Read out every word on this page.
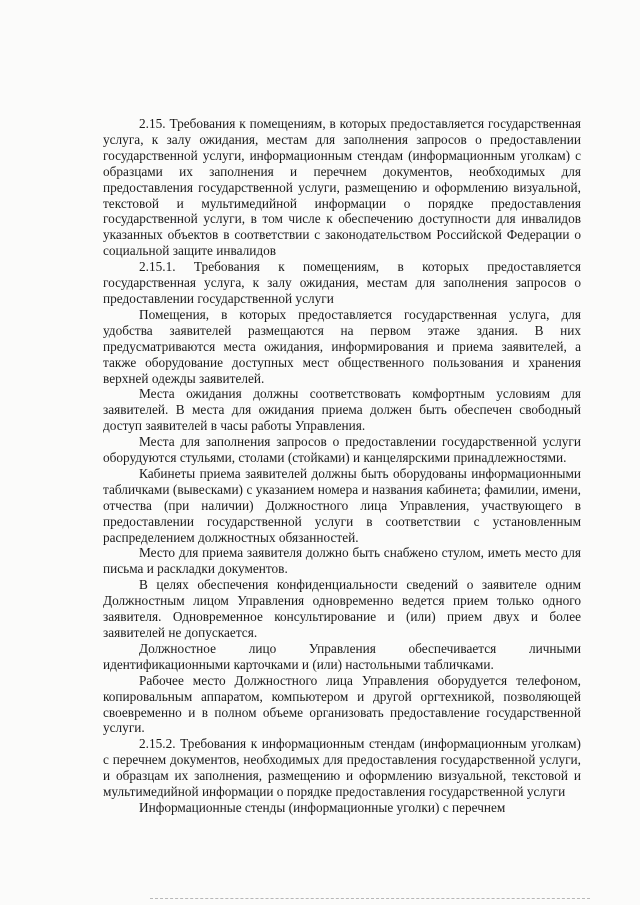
2.15. Требования к помещениям, в которых предоставляется государственная услуга, к залу ожидания, местам для заполнения запросов о предоставлении государственной услуги, информационным стендам (информационным уголкам) с образцами их заполнения и перечнем документов, необходимых для предоставления государственной услуги, размещению и оформлению визуальной, текстовой и мультимедийной информации о порядке предоставления государственной услуги, в том числе к обеспечению доступности для инвалидов указанных объектов в соответствии с законодательством Российской Федерации о социальной защите инвалидов

2.15.1. Требования к помещениям, в которых предоставляется государственная услуга, к залу ожидания, местам для заполнения запросов о предоставлении государственной услуги

Помещения, в которых предоставляется государственная услуга, для удобства заявителей размещаются на первом этаже здания. В них предусматриваются места ожидания, информирования и приема заявителей, а также оборудование доступных мест общественного пользования и хранения верхней одежды заявителей.

Места ожидания должны соответствовать комфортным условиям для заявителей. В места для ожидания приема должен быть обеспечен свободный доступ заявителей в часы работы Управления.

Места для заполнения запросов о предоставлении государственной услуги оборудуются стульями, столами (стойками) и канцелярскими принадлежностями.

Кабинеты приема заявителей должны быть оборудованы информационными табличками (вывесками) с указанием номера и названия кабинета; фамилии, имени, отчества (при наличии) Должностного лица Управления, участвующего в предоставлении государственной услуги в соответствии с установленным распределением должностных обязанностей.

Место для приема заявителя должно быть снабжено стулом, иметь место для письма и раскладки документов.

В целях обеспечения конфиденциальности сведений о заявителе одним Должностным лицом Управления одновременно ведется прием только одного заявителя. Одновременное консультирование и (или) прием двух и более заявителей не допускается.

Должностное лицо Управления обеспечивается личными идентификационными карточками и (или) настольными табличками.

Рабочее место Должностного лица Управления оборудуется телефоном, копировальным аппаратом, компьютером и другой оргтехникой, позволяющей своевременно и в полном объеме организовать предоставление государственной услуги.

2.15.2. Требования к информационным стендам (информационным уголкам) с перечнем документов, необходимых для предоставления государственной услуги, и образцам их заполнения, размещению и оформлению визуальной, текстовой и мультимедийной информации о порядке предоставления государственной услуги

Информационные стенды (информационные уголки) с перечнем
